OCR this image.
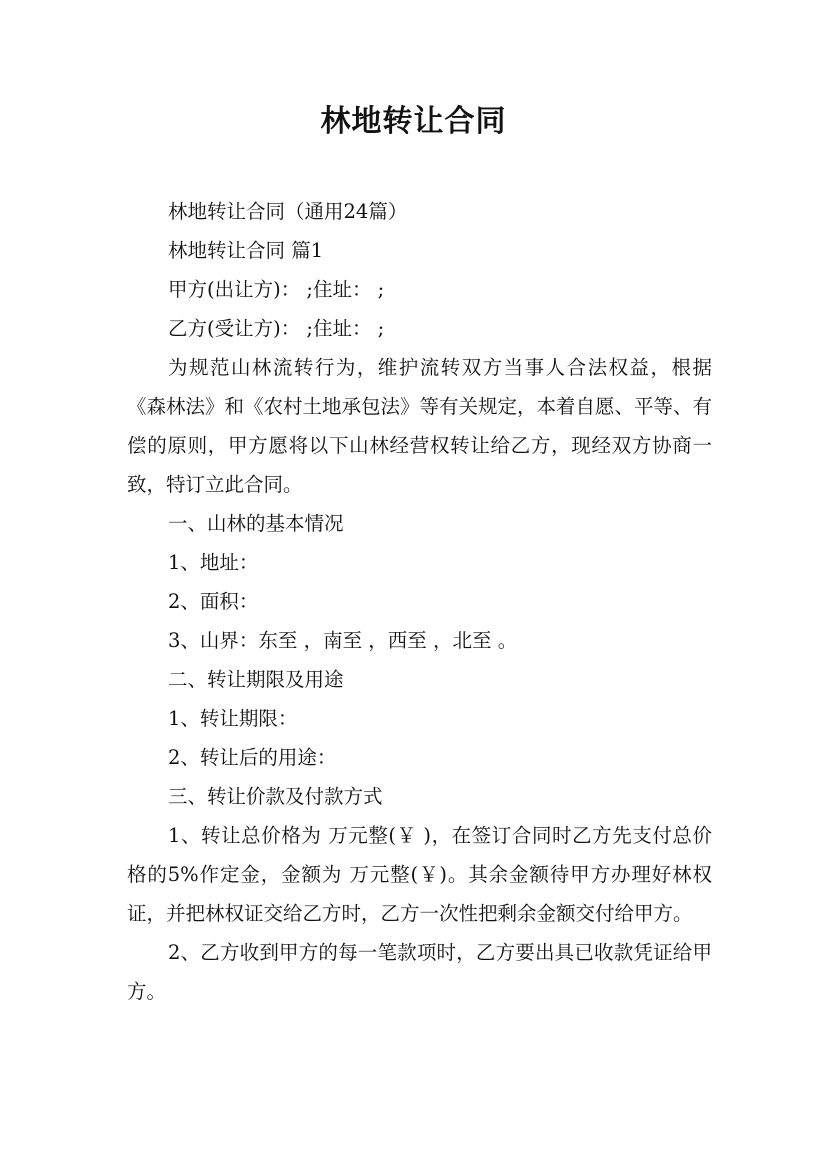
林地转让合同
林地转让合同（通用24篇）
林地转让合同 篇1
甲方(出让方)： ;住址： ;
乙方(受让方)： ;住址： ;
为规范山林流转行为，维护流转双方当事人合法权益，根据《森林法》和《农村土地承包法》等有关规定，本着自愿、平等、有偿的原则，甲方愿将以下山林经营权转让给乙方，现经双方协商一致，特订立此合同。
一、山林的基本情况
1、地址：
2、面积：
3、山界：东至 ，南至 ，西至 ，北至 。
二、转让期限及用途
1、转让期限：
2、转让后的用途：
三、转让价款及付款方式
1、转让总价格为 万元整(￥ )，在签订合同时乙方先支付总价格的5%作定金，金额为 万元整(￥)。其余金额待甲方办理好林权证，并把林权证交给乙方时，乙方一次性把剩余金额交付给甲方。
2、乙方收到甲方的每一笔款项时，乙方要出具已收款凭证给甲方。
